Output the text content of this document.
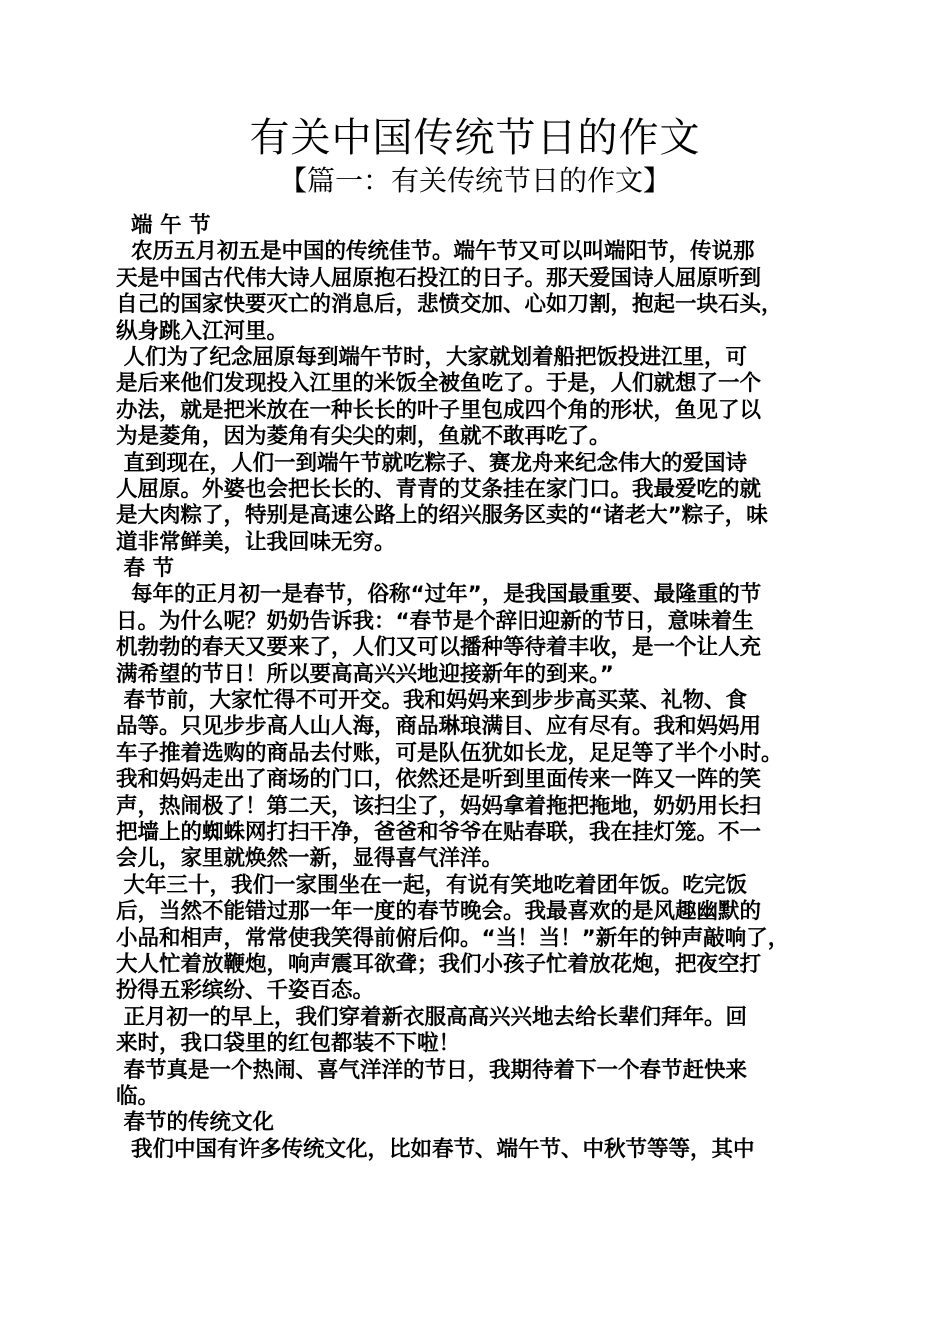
有关中国传统节日的作文
【篇一：有关传统节日的作文】
端 午 节
农历五月初五是中国的传统佳节。端午节又可以叫端阳节，传说那
天是中国古代伟大诗人屈原抱石投江的日子。那天爱国诗人屈原听到
自己的国家快要灭亡的消息后，悲愤交加、心如刀割，抱起一块石头，
纵身跳入江河里。
人们为了纪念屈原每到端午节时，大家就划着船把饭投进江里，可
是后来他们发现投入江里的米饭全被鱼吃了。于是，人们就想了一个
办法，就是把米放在一种长长的叶子里包成四个角的形状，鱼见了以
为是菱角，因为菱角有尖尖的刺，鱼就不敢再吃了。
直到现在，人们一到端午节就吃粽子、赛龙舟来纪念伟大的爱国诗
人屈原。外婆也会把长长的、青青的艾条挂在家门口。我最爱吃的就
是大肉粽了，特别是高速公路上的绍兴服务区卖的“诸老大”粽子，味
道非常鲜美，让我回味无穷。
春 节
每年的正月初一是春节，俗称“过年”，是我国最重要、最隆重的节
日。为什么呢？奶奶告诉我：“春节是个辞旧迎新的节日，意味着生
机勃勃的春天又要来了，人们又可以播种等待着丰收，是一个让人充
满希望的节日！所以要高高兴兴地迎接新年的到来。”
春节前，大家忙得不可开交。我和妈妈来到步步高买菜、礼物、食
品等。只见步步高人山人海，商品琳琅满目、应有尽有。我和妈妈用
车子推着选购的商品去付账，可是队伍犹如长龙，足足等了半个小时。
我和妈妈走出了商场的门口，依然还是听到里面传来一阵又一阵的笑
声，热闹极了！第二天，该扫尘了，妈妈拿着拖把拖地，奶奶用长扫
把墙上的蜘蛛网打扫干净，爸爸和爷爷在贴春联，我在挂灯笼。不一
会儿，家里就焕然一新，显得喜气洋洋。
大年三十，我们一家围坐在一起，有说有笑地吃着团年饭。吃完饭
后，当然不能错过那一年一度的春节晚会。我最喜欢的是风趣幽默的
小品和相声，常常使我笑得前俯后仰。“当！当！”新年的钟声敲响了，
大人忙着放鞭炮，响声震耳欲聋；我们小孩子忙着放花炮，把夜空打
扮得五彩缤纷、千姿百态。
正月初一的早上，我们穿着新衣服高高兴兴地去给长辈们拜年。回
来时，我口袋里的红包都装不下啦！
春节真是一个热闹、喜气洋洋的节日，我期待着下一个春节赶快来
临。
春节的传统文化
我们中国有许多传统文化，比如春节、端午节、中秋节等等，其中
